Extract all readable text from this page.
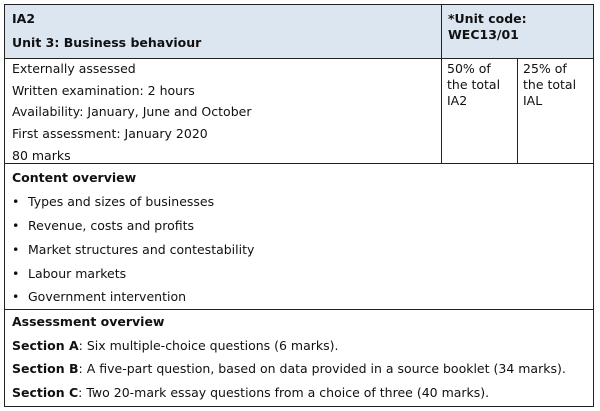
IA2
Unit 3: Business behaviour
*Unit code:
WEC13/01
Externally assessed
Written examination: 2 hours
Availability: January, June and October
First assessment: January 2020
80 marks
50% of
the total
IA2
25% of
the total
IAL
Content overview
•Types and sizes of businesses
•Revenue, costs and profits
•Market structures and contestability
•Labour markets
•Government intervention
Assessment overview
Section A: Six multiple-choice questions (6 marks).
Section B: A five-part question, based on data provided in a source booklet (34 marks).
Section C: Two 20-mark essay questions from a choice of three (40 marks).
